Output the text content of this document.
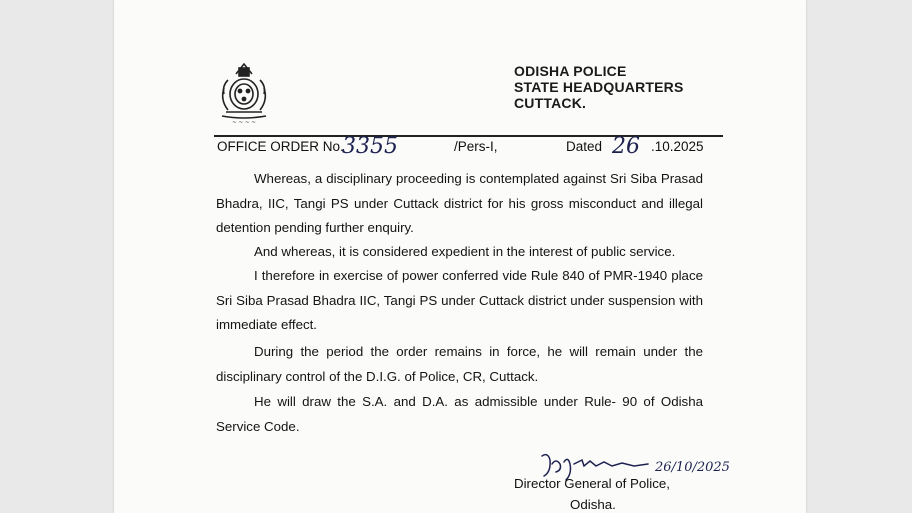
~ ~ ~ ~
ODISHA POLICE
STATE HEADQUARTERS
CUTTACK.
OFFICE ORDER No.
3355	/Pers-I,	Dated 26 .10.2025
Whereas, a disciplinary proceeding is contemplated against Sri Siba Prasad Bhadra, IIC, Tangi PS under Cuttack district for his gross misconduct and illegal detention pending further enquiry.
And whereas, it is considered expedient in the interest of public service.
I therefore in exercise of power conferred vide Rule 840 of PMR-1940 place Sri Siba Prasad Bhadra IIC, Tangi PS under Cuttack district under suspension with immediate effect.
During the period the order remains in force, he will remain under the disciplinary control of the D.I.G. of Police, CR, Cuttack.
He will draw the S.A. and D.A. as admissible under Rule- 90 of Odisha Service Code.
26/10/2025
Director General of Police,
Odisha.
